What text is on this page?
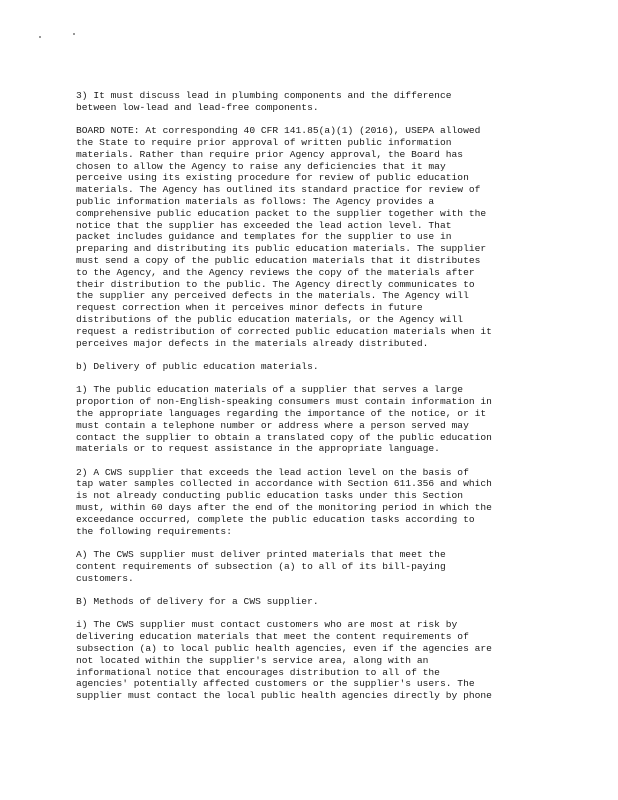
3) It must discuss lead in plumbing components and the difference
between low-lead and lead-free components.

BOARD NOTE: At corresponding 40 CFR 141.85(a)(1) (2016), USEPA allowed
the State to require prior approval of written public information
materials. Rather than require prior Agency approval, the Board has
chosen to allow the Agency to raise any deficiencies that it may
perceive using its existing procedure for review of public education
materials. The Agency has outlined its standard practice for review of
public information materials as follows: The Agency provides a
comprehensive public education packet to the supplier together with the
notice that the supplier has exceeded the lead action level. That
packet includes guidance and templates for the supplier to use in
preparing and distributing its public education materials. The supplier
must send a copy of the public education materials that it distributes
to the Agency, and the Agency reviews the copy of the materials after
their distribution to the public. The Agency directly communicates to
the supplier any perceived defects in the materials. The Agency will
request correction when it perceives minor defects in future
distributions of the public education materials, or the Agency will
request a redistribution of corrected public education materials when it
perceives major defects in the materials already distributed.

b) Delivery of public education materials.

1) The public education materials of a supplier that serves a large
proportion of non-English-speaking consumers must contain information in
the appropriate languages regarding the importance of the notice, or it
must contain a telephone number or address where a person served may
contact the supplier to obtain a translated copy of the public education
materials or to request assistance in the appropriate language.

2) A CWS supplier that exceeds the lead action level on the basis of
tap water samples collected in accordance with Section 611.356 and which
is not already conducting public education tasks under this Section
must, within 60 days after the end of the monitoring period in which the
exceedance occurred, complete the public education tasks according to
the following requirements:

A) The CWS supplier must deliver printed materials that meet the
content requirements of subsection (a) to all of its bill-paying
customers.

B) Methods of delivery for a CWS supplier.

i) The CWS supplier must contact customers who are most at risk by
delivering education materials that meet the content requirements of
subsection (a) to local public health agencies, even if the agencies are
not located within the supplier's service area, along with an
informational notice that encourages distribution to all of the
agencies' potentially affected customers or the supplier's users. The
supplier must contact the local public health agencies directly by phone
